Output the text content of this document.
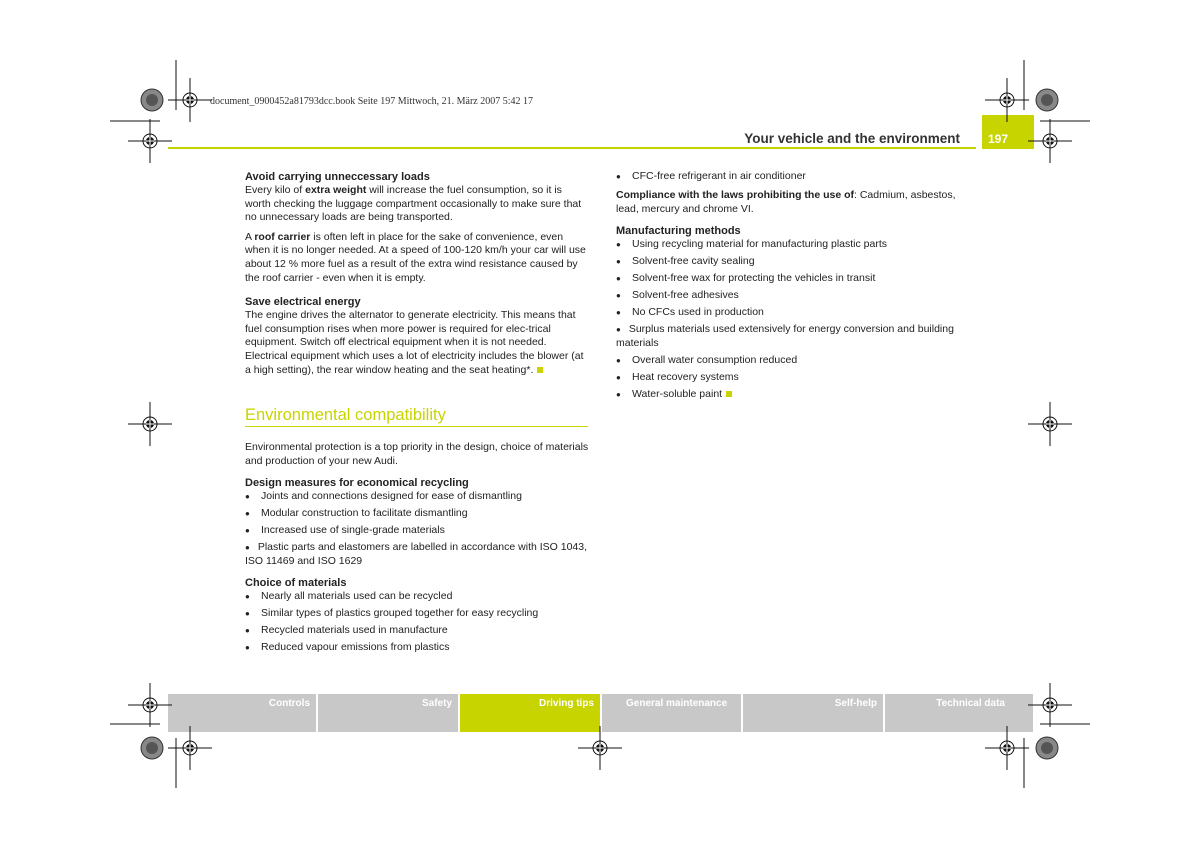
document_0900452a81793dcc.book Seite 197 Mittwoch, 21. März 2007 5:42 17
Your vehicle and the environment 197
Avoid carrying unneccessary loads

Every kilo of extra weight will increase the fuel consumption, so it is worth checking the luggage compartment occasionally to make sure that no unnecessary loads are being transported.

A roof carrier is often left in place for the sake of convenience, even when it is no longer needed. At a speed of 100-120 km/h your car will use about 12 % more fuel as a result of the extra wind resistance caused by the roof carrier - even when it is empty.

Save electrical energy

The engine drives the alternator to generate electricity. This means that fuel consumption rises when more power is required for elec-trical equipment. Switch off electrical equipment when it is not needed. Electrical equipment which uses a lot of electricity includes the blower (at a high setting), the rear window heating and the seat heating*.

Environmental compatibility

Environmental protection is a top priority in the design, choice of materials and production of your new Audi.

Design measures for economical recycling
● Joints and connections designed for ease of dismantling
● Modular construction to facilitate dismantling
● Increased use of single-grade materials
● Plastic parts and elastomers are labelled in accordance with ISO 1043, ISO 11469 and ISO 1629
Choice of materials
● Nearly all materials used can be recycled
● Similar types of plastics grouped together for easy recycling
● Recycled materials used in manufacture
● Reduced vapour emissions from plastics
● CFC-free refrigerant in air conditioner

Compliance with the laws prohibiting the use of: Cadmium, asbestos, lead, mercury and chrome VI.

Manufacturing methods
● Using recycling material for manufacturing plastic parts
● Solvent-free cavity sealing
● Solvent-free wax for protecting the vehicles in transit
● Solvent-free adhesives
● No CFCs used in production
● Surplus materials used extensively for energy conversion and building materials
● Overall water consumption reduced
● Heat recovery systems
● Water-soluble paint
Controls	Safety	Driving tips	General maintenance	Self-help	Technical data
